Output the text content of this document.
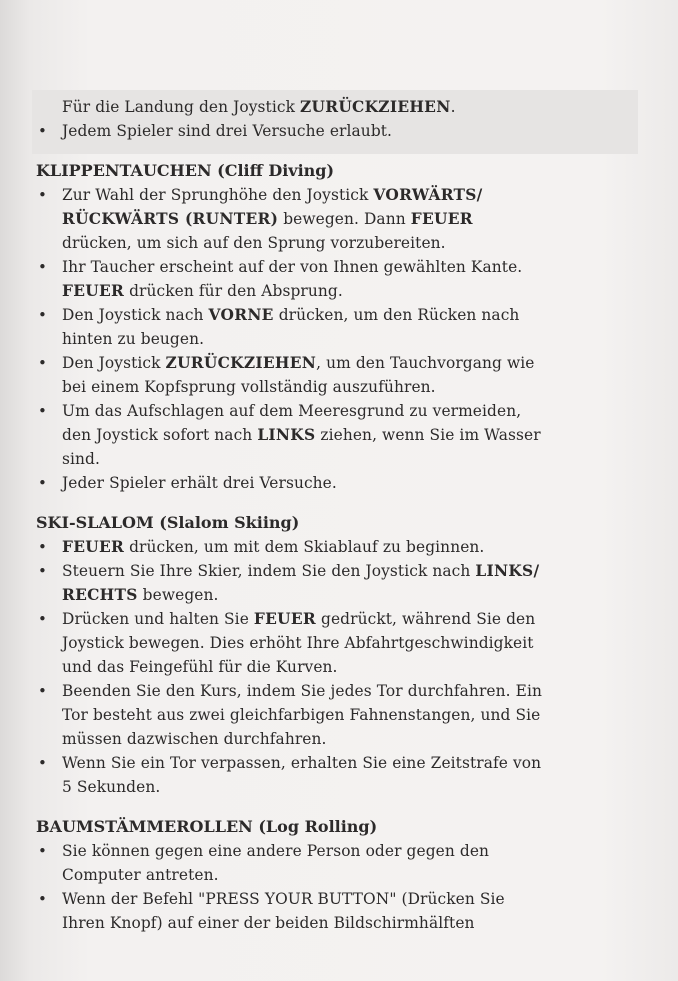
Für die Landung den Joystick ZURÜCKZIEHEN.
• Jedem Spieler sind drei Versuche erlaubt.
KLIPPENTAUCHEN (Cliff Diving)
• Zur Wahl der Sprunghöhe den Joystick VORWÄRTS/
RÜCKWÄRTS (RUNTER) bewegen. Dann FEUER
drücken, um sich auf den Sprung vorzubereiten.
• Ihr Taucher erscheint auf der von Ihnen gewählten Kante.
FEUER drücken für den Absprung.
• Den Joystick nach VORNE drücken, um den Rücken nach
hinten zu beugen.
• Den Joystick ZURÜCKZIEHEN, um den Tauchvorgang wie
bei einem Kopfsprung vollständig auszuführen.
• Um das Aufschlagen auf dem Meeresgrund zu vermeiden,
den Joystick sofort nach LINKS ziehen, wenn Sie im Wasser
sind.
• Jeder Spieler erhält drei Versuche.
SKI-SLALOM (Slalom Skiing)
• FEUER drücken, um mit dem Skiablauf zu beginnen.
• Steuern Sie Ihre Skier, indem Sie den Joystick nach LINKS/
RECHTS bewegen.
• Drücken und halten Sie FEUER gedrückt, während Sie den
Joystick bewegen. Dies erhöht Ihre Abfahrtgeschwindigkeit
und das Feingefühl für die Kurven.
• Beenden Sie den Kurs, indem Sie jedes Tor durchfahren. Ein
Tor besteht aus zwei gleichfarbigen Fahnenstangen, und Sie
müssen dazwischen durchfahren.
• Wenn Sie ein Tor verpassen, erhalten Sie eine Zeitstrafe von
5 Sekunden.
BAUMSTÄMMEROLLEN (Log Rolling)
• Sie können gegen eine andere Person oder gegen den
Computer antreten.
• Wenn der Befehl "PRESS YOUR BUTTON" (Drücken Sie
Ihren Knopf) auf einer der beiden Bildschirmhälften
